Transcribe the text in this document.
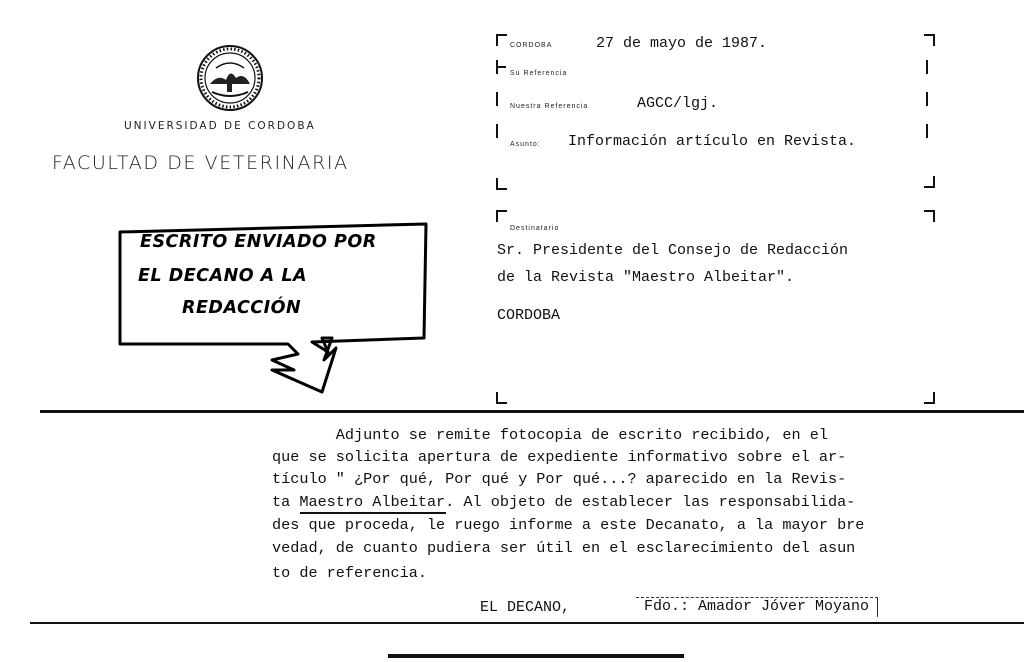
UNIVERSIDAD DE CORDOBA
FACULTAD DE VETERINARIA
CORDOBA	27 de mayo de 1987.
Su Referencia
Nuestra Referencia	AGCC/lgj.
Asunto: Información artículo en Revista.
Destinatario
Sr. Presidente del Consejo de Redacción
de la Revista "Maestro Albeitar".
CORDOBA
ESCRITO ENVIADO POR
EL DECANO A LA
REDACCIÓN
Adjunto se remite fotocopia de escrito recibido, en el
que se solicita apertura de expediente informativo sobre el ar-
tículo " ¿Por qué, Por qué y Por qué...? aparecido en la Revis-
ta Maestro Albeitar. Al objeto de establecer las responsabilida-
des que proceda, le ruego informe a este Decanato, a la mayor bre
vedad, de cuanto pudiera ser útil en el esclarecimiento del asun
to de referencia.
EL DECANO,	Fdo.: Amador Jóver Moyano
